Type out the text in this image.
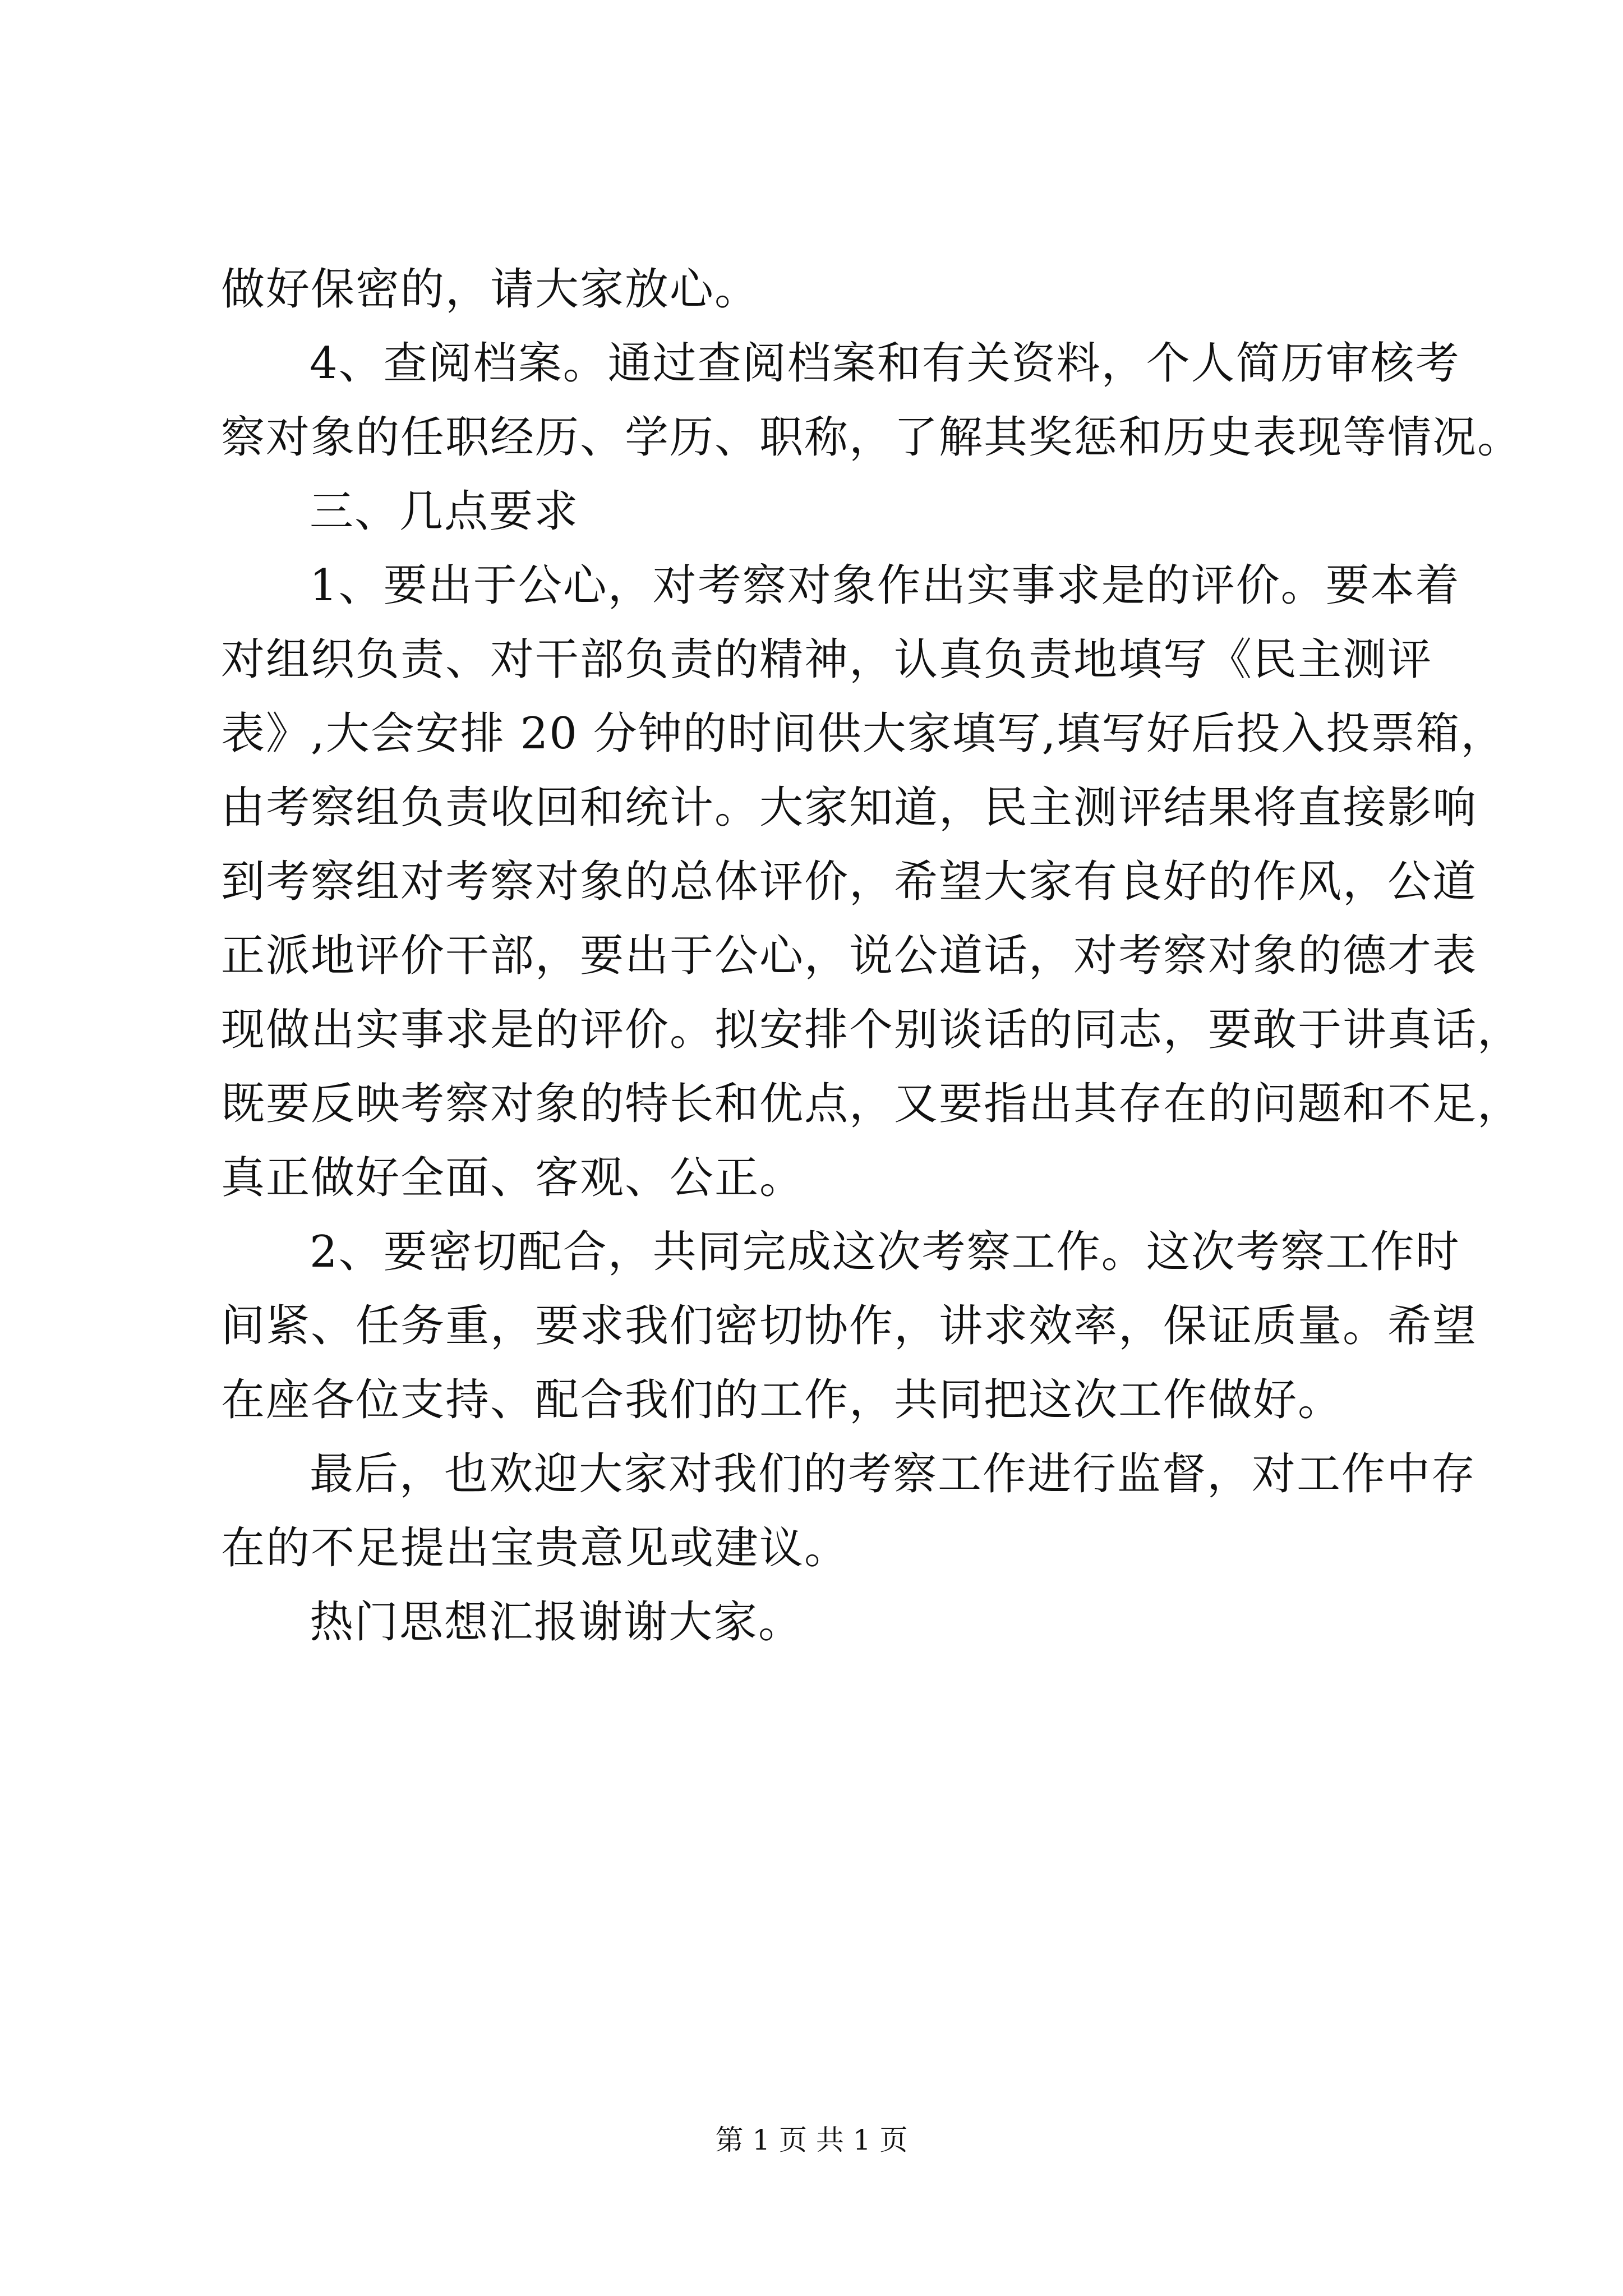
做好保密的，请大家放心。
4、查阅档案。通过查阅档案和有关资料，个人简历审核考
察对象的任职经历、学历、职称，了解其奖惩和历史表现等情况。
三、几点要求
1、要出于公心，对考察对象作出实事求是的评价。要本着
对组织负责、对干部负责的精神，认真负责地填写《民主测评
表》,大会安排 20 分钟的时间供大家填写,填写好后投入投票箱，
由考察组负责收回和统计。大家知道，民主测评结果将直接影响
到考察组对考察对象的总体评价，希望大家有良好的作风，公道
正派地评价干部，要出于公心，说公道话，对考察对象的德才表
现做出实事求是的评价。拟安排个别谈话的同志，要敢于讲真话，
既要反映考察对象的特长和优点，又要指出其存在的问题和不足，
真正做好全面、客观、公正。
2、要密切配合，共同完成这次考察工作。这次考察工作时
间紧、任务重，要求我们密切协作，讲求效率，保证质量。希望
在座各位支持、配合我们的工作，共同把这次工作做好。
最后，也欢迎大家对我们的考察工作进行监督，对工作中存
在的不足提出宝贵意见或建议。
热门思想汇报谢谢大家。
第 1 页 共 1 页
